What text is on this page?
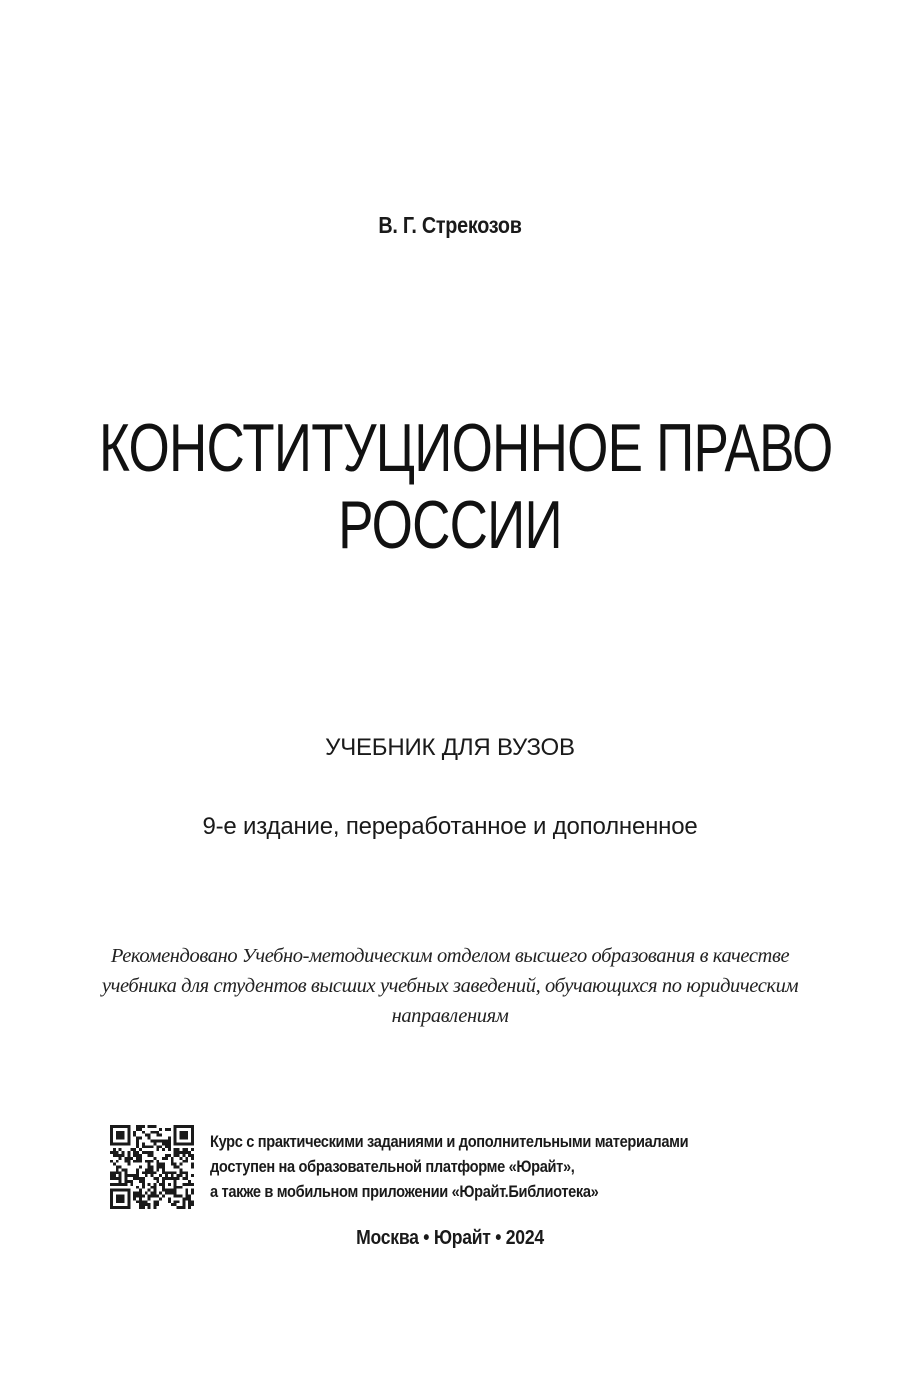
В. Г. Стрекозов
КОНСТИТУЦИОННОЕ ПРАВО
РОССИИ
УЧЕБНИК ДЛЯ ВУЗОВ
9-е издание, переработанное и дополненное
Рекомендовано Учебно-методическим отделом высшего образования в качестве
учебника для студентов высших учебных заведений, обучающихся по юридическим
направлениям
Курс с практическими заданиями и дополнительными материалами
доступен на образовательной платформе «Юрайт»,
а также в мобильном приложении «Юрайт.Библиотека»
Москва • Юрайт • 2024
